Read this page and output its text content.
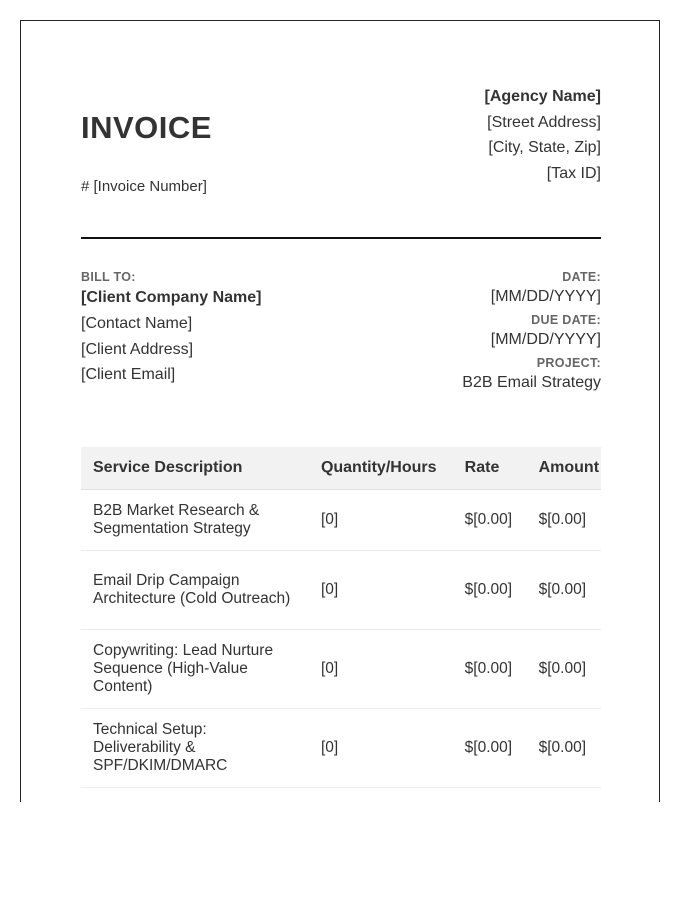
INVOICE
# [Invoice Number]
[Agency Name]
[Street Address]
[City, State, Zip]
[Tax ID]
BILL TO:
[Client Company Name]
[Contact Name]
[Client Address]
[Client Email]
DATE:
[MM/DD/YYYY]
DUE DATE:
[MM/DD/YYYY]
PROJECT:
B2B Email Strategy
Service Description	Quantity/Hours	Rate	Amount
B2B Market Research & Segmentation Strategy	[0]	$[0.00]	$[0.00]
Email Drip Campaign Architecture (Cold Outreach)	[0]	$[0.00]	$[0.00]
Copywriting: Lead Nurture Sequence (High-Value Content)	[0]	$[0.00]	$[0.00]
Technical Setup: Deliverability & SPF/DKIM/DMARC	[0]	$[0.00]	$[0.00]
